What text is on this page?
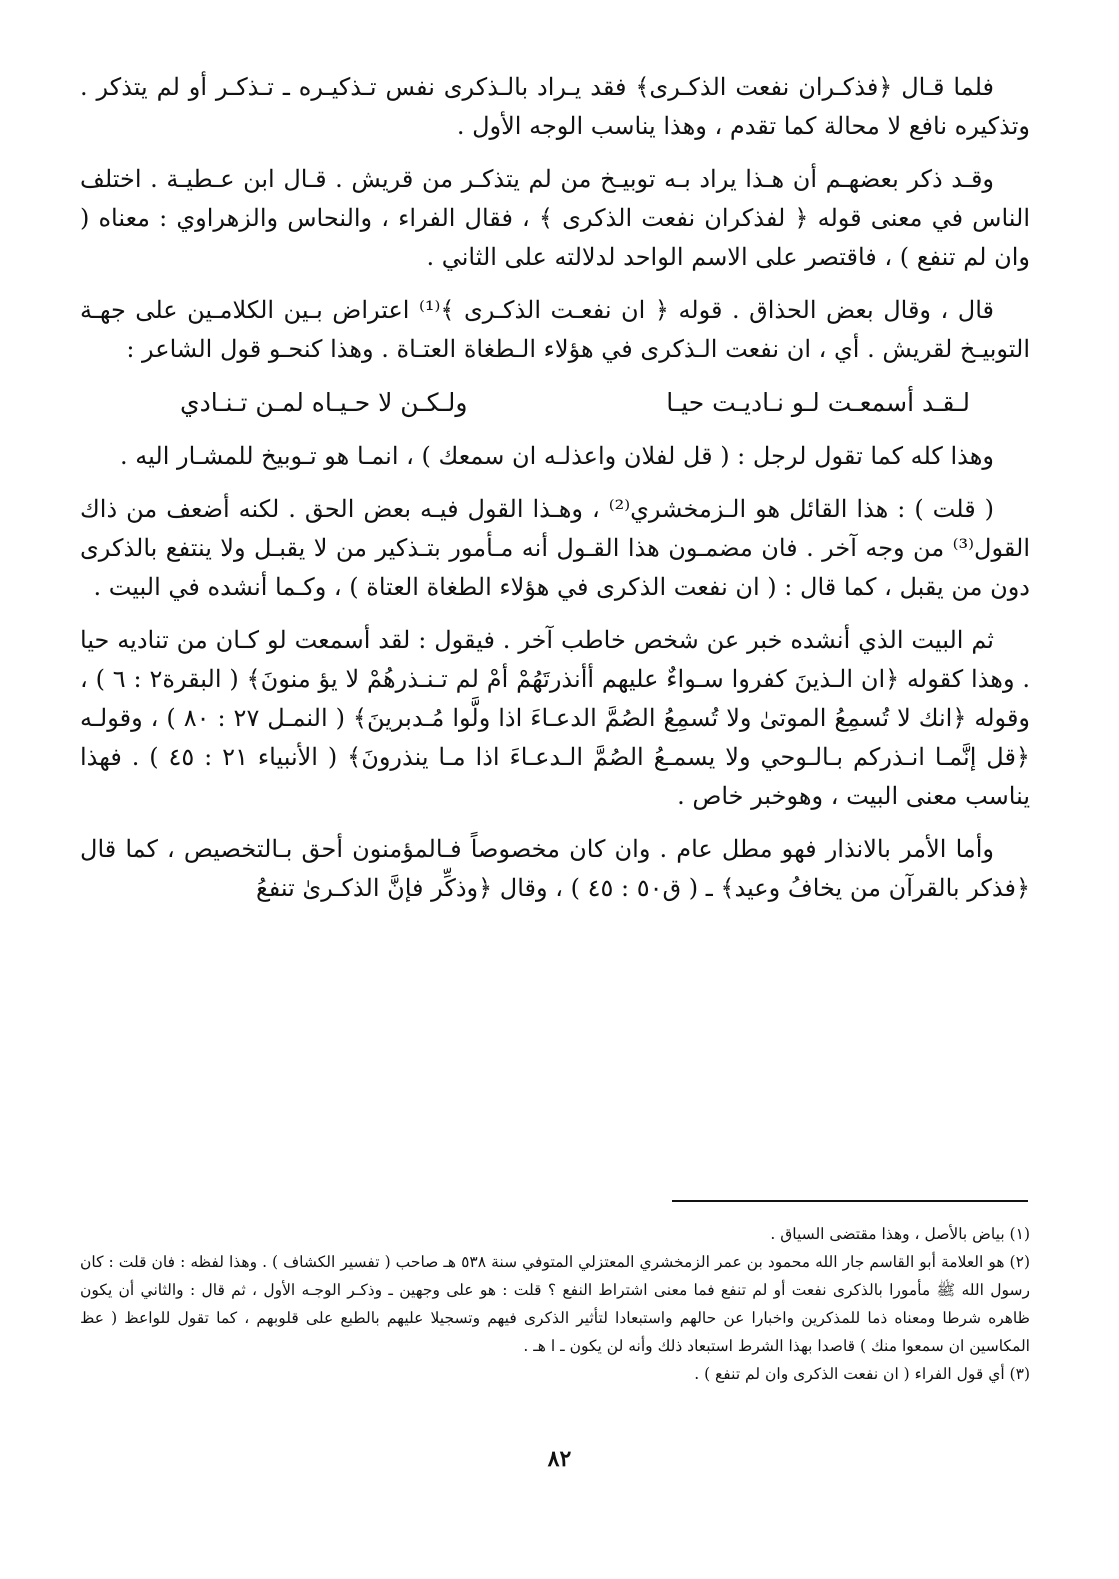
فلما قـال ﴿فذكـران نفعت الذكـرى﴾ فقد يـراد بالـذكرى نفس تـذكيـره ـ تـذكـر أو لم يتذكر . وتذكيره نافع لا محالة كما تقدم ، وهذا يناسب الوجه الأول .

وقـد ذكر بعضهـم أن هـذا يراد بـه توبيـخ من لم يتذكـر من قريش . قـال ابن عـطيـة . اختلف الناس في معنى قوله ﴿ لفذكران نفعت الذكرى ﴾ ، فقال الفراء ، والنحاس والزهراوي : معناه ( وان لم تنفع ) ، فاقتصر على الاسم الواحد لدلالته على الثاني .

قال ، وقال بعض الحذاق . قوله ﴿ ان نفعـت الذكـرى ﴾⁽¹⁾ اعتراض بـين الكلامـين على جهـة التوبيـخ لقريش . أي ، ان نفعت الـذكرى في هؤلاء الـطغاة العتـاة . وهذا كنحـو قول الشاعر :

لـقـد أسمعـت لـو نـاديـت حيـا
ولـكـن لا حـيـاه لمـن تـنـادي

وهذا كله كما تقول لرجل : ( قل لفلان واعذلـه ان سمعك ) ، انمـا هو تـوبيخ للمشـار اليه .

( قلت ) : هذا القائل هو الـزمخشري⁽²⁾ ، وهـذا القول فيـه بعض الحق . لكنه أضعف من ذاك القول⁽³⁾ من وجه آخر . فان مضمـون هذا القـول أنه مـأمور بتـذكير من لا يقبـل ولا ينتفع بالذكرى دون من يقبل ، كما قال : ( ان نفعت الذكرى في هؤلاء الطغاة العتاة ) ، وكـما أنشده في البيت .

ثم البيت الذي أنشده خبر عن شخص خاطب آخر . فيقول : لقد أسمعت لو كـان من تناديه حيا . وهذا كقوله ﴿ان الـذينَ كفروا سـواءٌ عليهم أأنذرتَهُمْ أمْ لم تـنـذرهُمْ لا يؤ منونَ﴾ ( البقرة٢ : ٦ ) ، وقوله ﴿انك لا تُسمِعُ الموتىٰ ولا تُسمِعُ الصُمَّ الدعـاءَ اذا ولَّوا مُـدبرينَ﴾ ( النمـل ٢٧ : ٨٠ ) ، وقولـه ﴿قل إنَّمـا انـذركم بـالـوحي ولا يسمـعُ الصُمَّ الـدعـاءَ اذا مـا ينذرونَ﴾ ( الأنبياء ٢١ : ٤٥ ) . فهذا يناسب معنى البيت ، وهوخبر خاص .

وأما الأمر بالانذار فهو مطل عام . وان كان مخصوصاً فـالمؤمنون أحق بـالتخصيص ، كما قال ﴿فذكر بالقرآن من يخافُ وعيد﴾ ـ ( ق٥٠ : ٤٥ ) ، وقال ﴿وذكِّر فإنَّ الذكـرىٰ تنفعُ

(١) بياض بالأصل ، وهذا مقتضى السياق .

(٢) هو العلامة أبو القاسم جار الله محمود بن عمر الزمخشري المعتزلي المتوفي سنة ٥٣٨ هـ صاحب ( تفسير الكشاف ) . وهذا لفظه : فان قلت : كان رسول الله ﷺ مأمورا بالذكرى نفعت أو لم تنفع فما معنى اشتراط النفع ؟ قلت : هو على وجهين ـ وذكـر الوجـه الأول ، ثم قال : والثاني أن يكون ظاهره شرطا ومعناه ذما للمذكرين واخبارا عن حالهم واستبعادا لتأثير الذكرى فيهم وتسجيلا عليهم بالطبع على قلوبهم ، كما تقول للواعظ ( عظ المكاسين ان سمعوا منك ) قاصدا بهذا الشرط استبعاد ذلك وأنه لن يكون ـ ا هـ .

(٣) أي قول الفراء ( ان نفعت الذكرى وان لم تنفع ) .

٨٢
